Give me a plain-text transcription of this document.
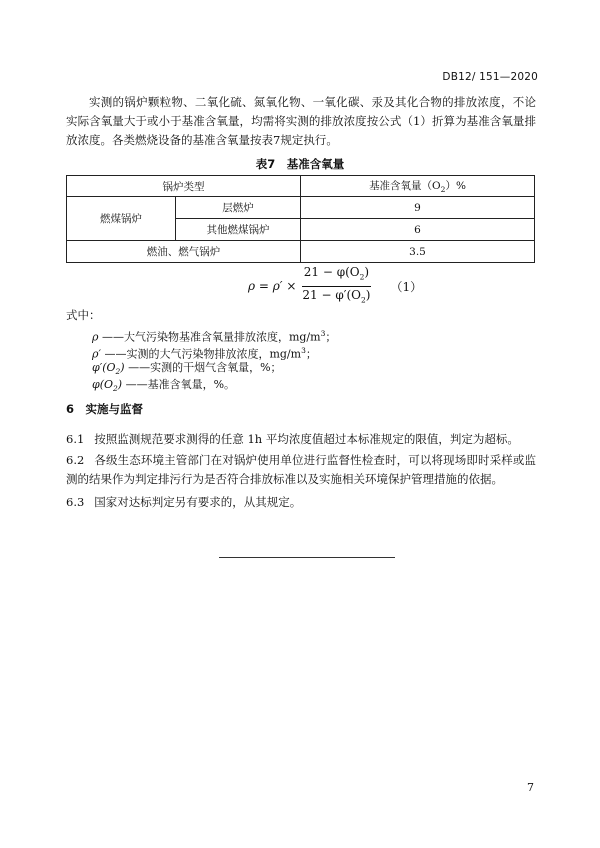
DB12/ 151—2020
实测的锅炉颗粒物、二氧化硫、氮氧化物、一氧化碳、汞及其化合物的排放浓度，不论实际含氧量大于或小于基准含氧量，均需将实测的排放浓度按公式（1）折算为基准含氧量排放浓度。各类燃烧设备的基准含氧量按表7规定执行。
表7　基准含氧量
锅炉类型		基准含氧量$(O_2)\%$
燃煤锅炉	层燃炉	9
	其他燃煤锅炉	6
燃油、燃气锅炉		3.5
$\rho = \rho' \times \frac{21 - \varphi(O_2)}{21 - \varphi'(O_2)} (1)$
式中：
ρ ——大气污染物基准含氧量排放浓度，$mg/m^3$；
ρ′ ——实测的大气污染物排放浓度，$mg/m^3$；
$\varphi'(O_2)$ ——实测的干烟气含氧量，%；
$\varphi(O_2)$ ——基准含氧量，%。
6　实施与监督
6.1 按照监测规范要求测得的任意 1h 平均浓度值超过本标准规定的限值，判定为超标。
6.2 各级生态环境主管部门在对锅炉使用单位进行监督性检查时，可以将现场即时采样或监测的结果作为判定排污行为是否符合排放标准以及实施相关环境保护管理措施的依据。
6.3 国家对达标判定另有要求的，从其规定。
7
